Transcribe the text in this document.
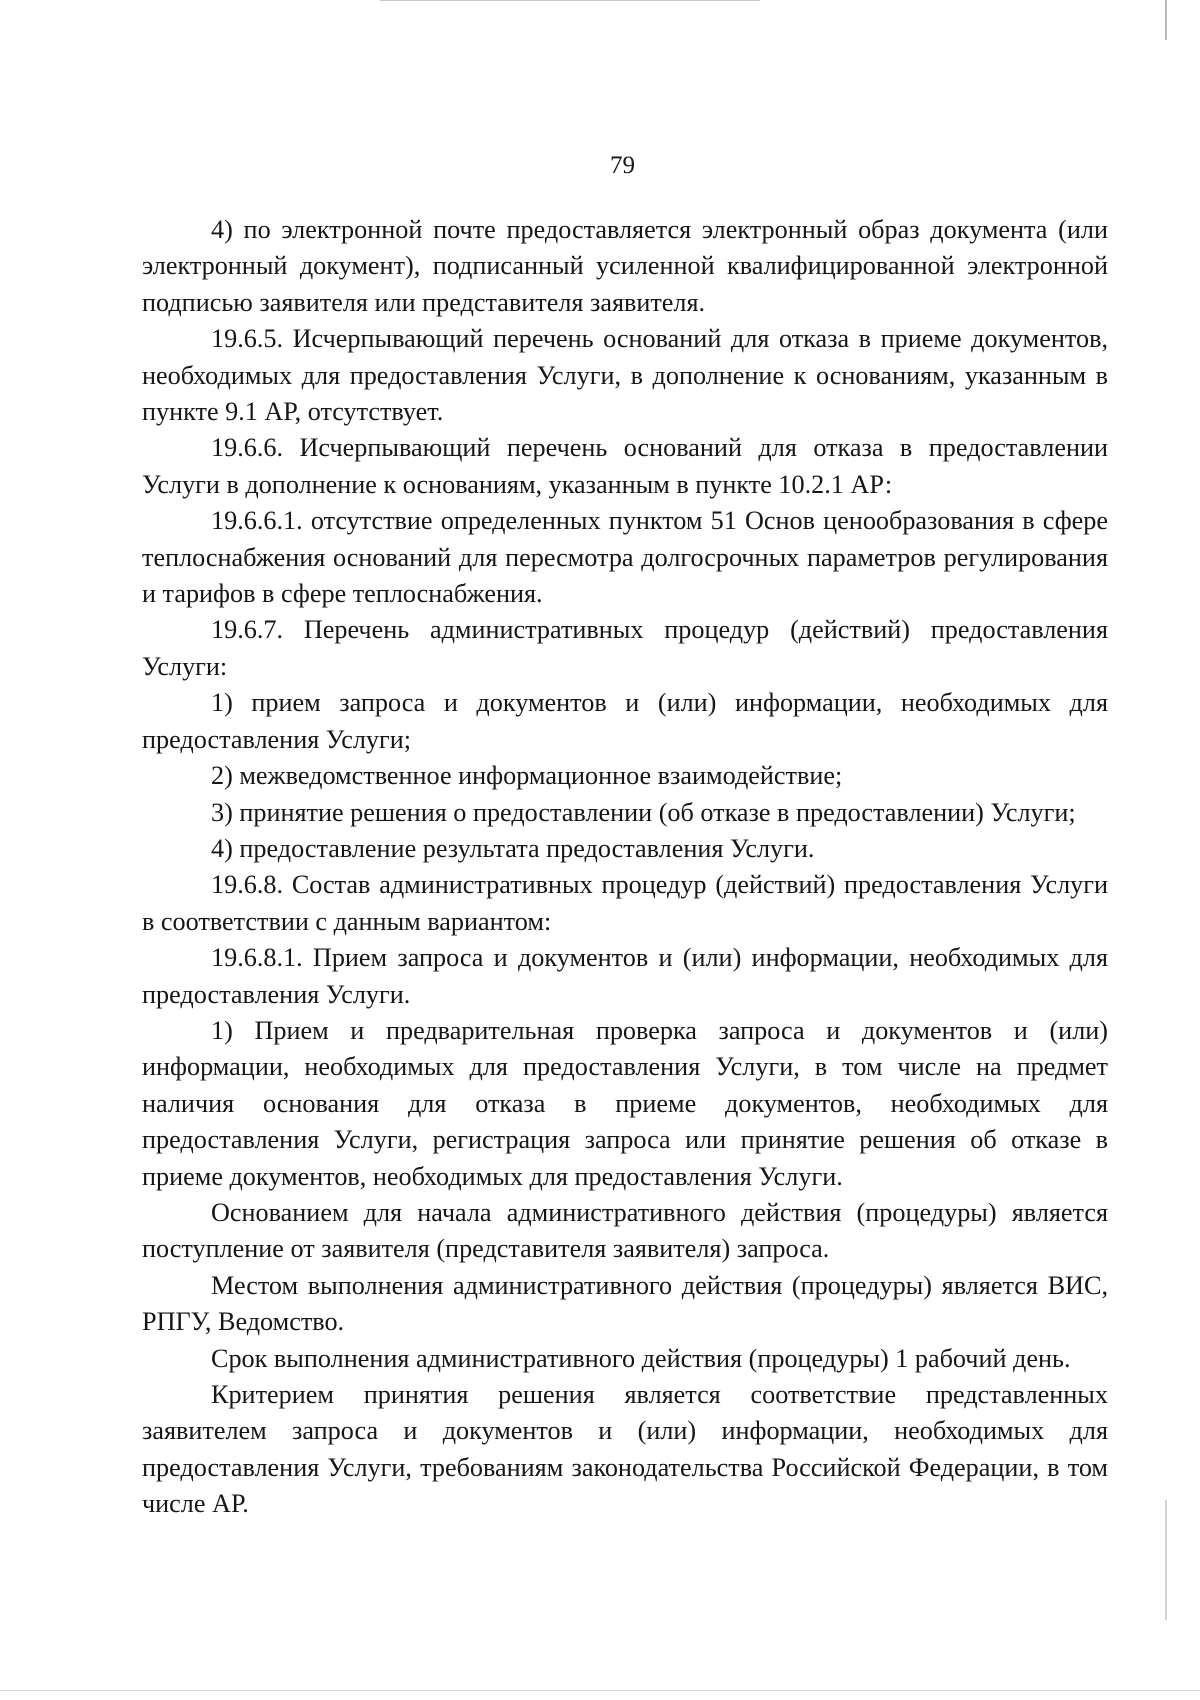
79

4) по электронной почте предоставляется электронный образ документа (или электронный документ), подписанный усиленной квалифицированной электронной подписью заявителя или представителя заявителя.

19.6.5. Исчерпывающий перечень оснований для отказа в приеме документов, необходимых для предоставления Услуги, в дополнение к основаниям, указанным в пункте 9.1 АР, отсутствует.

19.6.6. Исчерпывающий перечень оснований для отказа в предоставлении Услуги в дополнение к основаниям, указанным в пункте 10.2.1 АР:

19.6.6.1. отсутствие определенных пунктом 51 Основ ценообразования в сфере теплоснабжения оснований для пересмотра долгосрочных параметров регулирования и тарифов в сфере теплоснабжения.

19.6.7. Перечень административных процедур (действий) предоставления Услуги:

1) прием запроса и документов и (или) информации, необходимых для предоставления Услуги;

2) межведомственное информационное взаимодействие;

3) принятие решения о предоставлении (об отказе в предоставлении) Услуги;

4) предоставление результата предоставления Услуги.

19.6.8. Состав административных процедур (действий) предоставления Услуги в соответствии с данным вариантом:

19.6.8.1. Прием запроса и документов и (или) информации, необходимых для предоставления Услуги.

1) Прием и предварительная проверка запроса и документов и (или) информации, необходимых для предоставления Услуги, в том числе на предмет наличия основания для отказа в приеме документов, необходимых для предоставления Услуги, регистрация запроса или принятие решения об отказе в приеме документов, необходимых для предоставления Услуги.

Основанием для начала административного действия (процедуры) является поступление от заявителя (представителя заявителя) запроса.

Местом выполнения административного действия (процедуры) является ВИС, РПГУ, Ведомство.

Срок выполнения административного действия (процедуры) 1 рабочий день.

Критерием принятия решения является соответствие представленных заявителем запроса и документов и (или) информации, необходимых для предоставления Услуги, требованиям законодательства Российской Федерации, в том числе АР.
